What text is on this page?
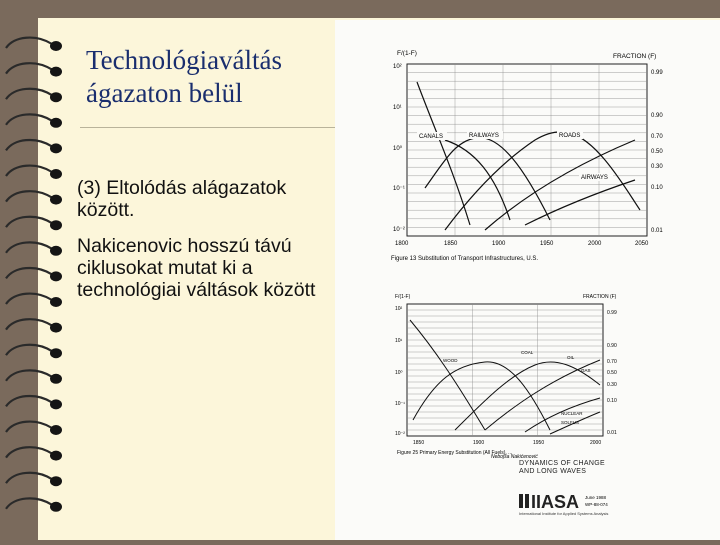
Technológiaváltás ágazaton belül
(3) Eltolódás alágazatok között.
Nakicenovic hosszú távú ciklusokat mutat ki a technológiai váltások között
F/(1-F)	FRACTION (F)
10²
10¹
10⁰
10⁻¹
10⁻²
0.99
0.90
0.70
0.50
0.30
0.10
0.01
1800	1850	1900	1950	2000	2050
CANALS	RAILWAYS	ROADS
AIRWAYS
Figure 13 Substitution of Transport Infrastructures, U.S.
F/(1-F)	FRACTION (F)
10²
10¹
10⁰
10⁻¹
10⁻²
0.99
0.90
0.70
0.50
0.30
0.10
0.01
1850	1900	1950	2000
WOOD
COAL
OIL
GAS
NUCLEAR
SOLFUS
Figure 25 Primary Energy Substitution (All Fuels), ...
Nebojša Nakićenović
DYNAMICS OF CHANGE AND LONG WAVES
IIASA June 1988
WP-88-074
International Institute for Applied Systems Analysis
